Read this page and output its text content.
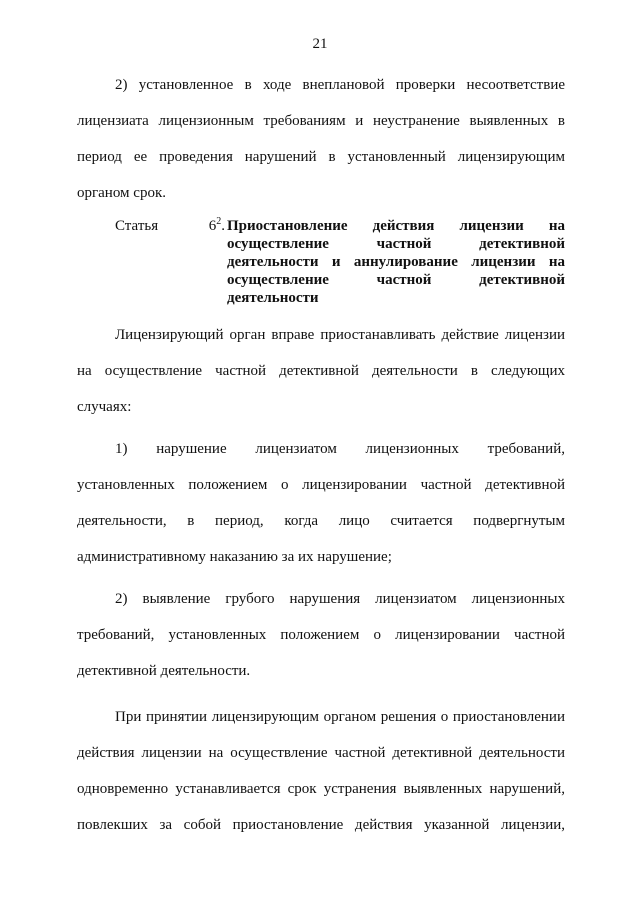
21

2) установленное в ходе внеплановой проверки несоответствие лицензиата лицензионным требованиям и неустранение выявленных в период ее проведения нарушений в установленный лицензирующим органом срок.

Статья	$6^2$. Приостановление действия лицензии на осуществление частной детективной деятельности и аннулирование лицензии на осуществление частной детективной деятельности

Лицензирующий орган вправе приостанавливать действие лицензии на осуществление частной детективной деятельности в следующих случаях:

1) нарушение лицензиатом лицензионных требований, установленных положением о лицензировании частной детективной деятельности, в период, когда лицо считается подвергнутым административному наказанию за их нарушение;

2) выявление грубого нарушения лицензиатом лицензионных требований, установленных положением о лицензировании частной детективной деятельности.

При принятии лицензирующим органом решения о приостановлении действия лицензии на осуществление частной детективной деятельности одновременно устанавливается срок устранения выявленных нарушений, повлекших за собой приостановление действия указанной лицензии,
